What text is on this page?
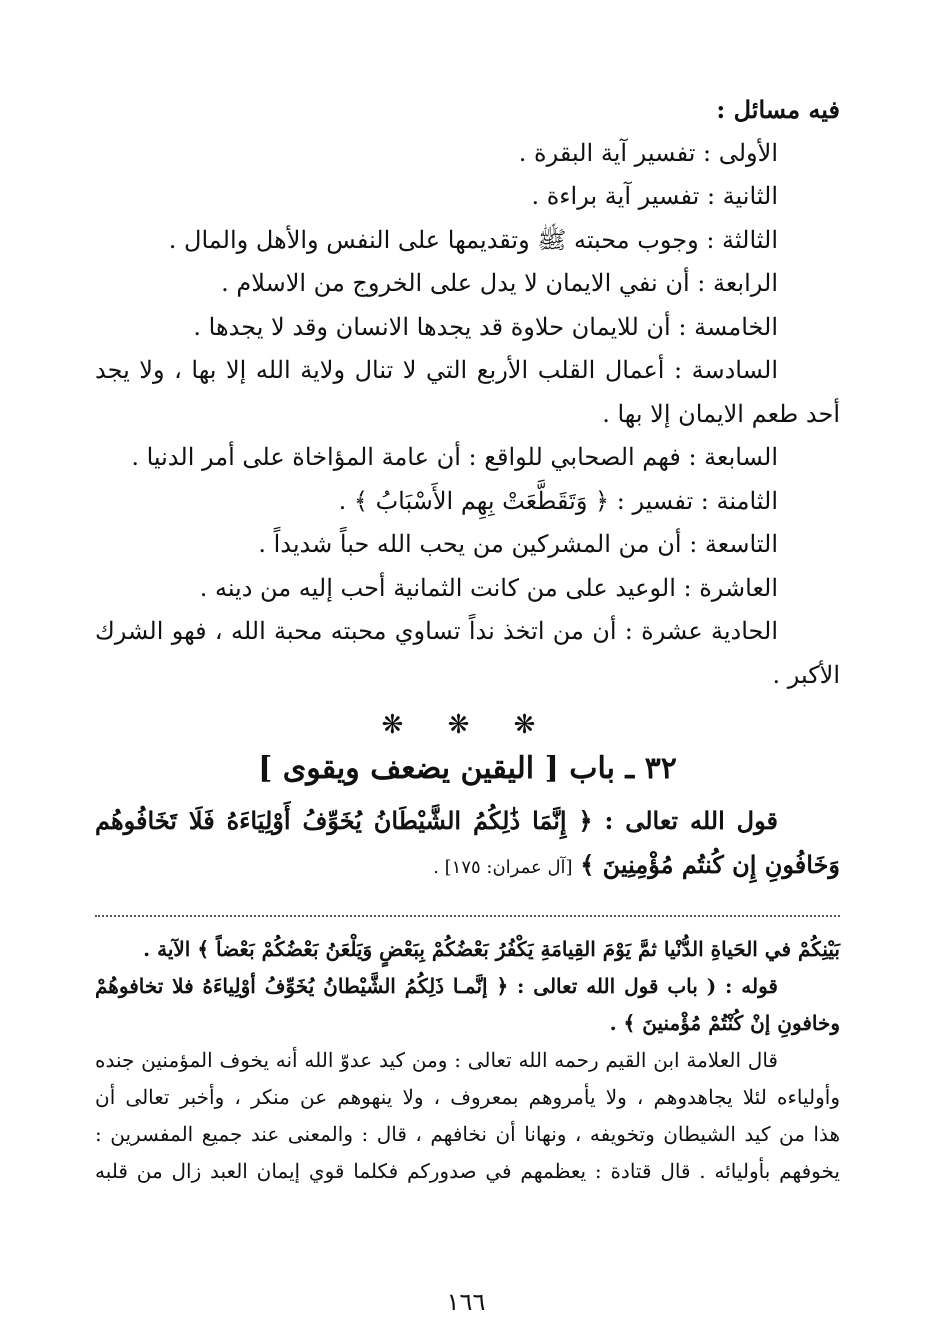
فيه مسائل :
الأولى : تفسير آية البقرة .
الثانية : تفسير آية براءة .
الثالثة : وجوب محبته ﷺ وتقديمها على النفس والأهل والمال .
الرابعة : أن نفي الايمان لا يدل على الخروج من الاسلام .
الخامسة : أن للايمان حلاوة قد يجدها الانسان وقد لا يجدها .
السادسة : أعمال القلب الأربع التي لا تنال ولاية الله إلا بها ، ولا يجد
أحد طعم الايمان إلا بها .
السابعة : فهم الصحابي للواقع : أن عامة المؤاخاة على أمر الدنيا .
الثامنة : تفسير : ﴿ وَتَقَطَّعَتْ بِهِم الأَسْبَابُ ﴾ .
التاسعة : أن من المشركين من يحب الله حباً شديداً .
العاشرة : الوعيد على من كانت الثمانية أحب إليه من دينه .
الحادية عشرة : أن من اتخذ نداً تساوي محبته محبة الله ، فهو الشرك
الأكبر .
❋ ❋ ❋
٣٢ ـ باب [ اليقين يضعف ويقوى ]
قول الله تعالى : ﴿ إِنَّمَا ذَٰلِكُمُ الشَّيْطَانُ يُخَوِّفُ أَوْلِيَاءَهُ فَلَا تَخَافُوهُم
وَخَافُونِ إِن كُنتُم مُؤْمِنِينَ ﴾ [آل عمران: ١٧٥] .
بَيْنِكُمْ في الحَياةِ الدُّنْيا ثمَّ يَوْمَ القِيامَةِ يَكْفُرُ بَعْضُكُمْ بِبَعْضٍ وَيَلْعَنُ بَعْضُكُمْ بَعْضاً ﴾ الآية .
قوله : ( باب قول الله تعالى : ﴿ إنَّمـا ذَلِكُمُ الشَّيْطانُ يُخَوِّفُ أوْلِياءَهُ فلا تخافوهُمْ
وخافونِ إنْ كُنْتُمْ مُؤْمنينَ ﴾ .
قال العلامة ابن القيم رحمه الله تعالى : ومن كيد عدوّ الله أنه يخوف المؤمنين جنده
وأولياءه لئلا يجاهدوهم ، ولا يأمروهم بمعروف ، ولا ينهوهم عن منكر ، وأخبر تعالى أن
هذا من كيد الشيطان وتخويفه ، ونهانا أن نخافهم ، قال : والمعنى عند جميع المفسرين :
يخوفهم بأوليائه . قال قتادة : يعظمهم في صدوركم فكلما قوي إيمان العبد زال من قلبه
١٦٦
